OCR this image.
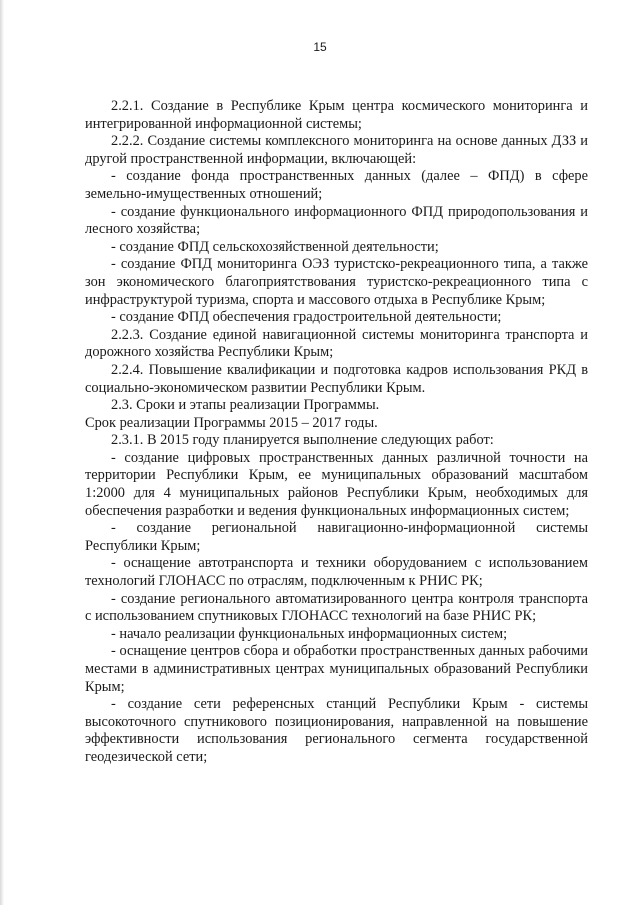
15

2.2.1. Создание в Республике Крым центра космического мониторинга и интегрированной информационной системы;

2.2.2. Создание системы комплексного мониторинга на основе данных ДЗЗ и другой пространственной информации, включающей:

- создание фонда пространственных данных (далее – ФПД) в сфере земельно-имущественных отношений;

- создание функционального информационного ФПД природопользования и лесного хозяйства;

- создание ФПД сельскохозяйственной деятельности;

- создание ФПД мониторинга ОЭЗ туристско-рекреационного типа, а также зон экономического благоприятствования туристско-рекреационного типа с инфраструктурой туризма, спорта и массового отдыха в Республике Крым;

- создание ФПД обеспечения градостроительной деятельности;

2.2.3. Создание единой навигационной системы мониторинга транспорта и дорожного хозяйства Республики Крым;

2.2.4. Повышение квалификации и подготовка кадров использования РКД в социально-экономическом развитии Республики Крым.

2.3. Сроки и этапы реализации Программы.

Срок реализации Программы 2015 – 2017 годы.

2.3.1. В 2015 году планируется выполнение следующих работ:

- создание цифровых пространственных данных различной точности на территории Республики Крым, ее муниципальных образований масштабом 1:2000 для 4 муниципальных районов Республики Крым, необходимых для обеспечения разработки и ведения функциональных информационных систем;

- создание региональной навигационно-информационной системы Республики Крым;

- оснащение автотранспорта и техники оборудованием с использованием технологий ГЛОНАСС по отраслям, подключенным к РНИС РК;

- создание регионального автоматизированного центра контроля транспорта с использованием спутниковых ГЛОНАСС технологий на базе РНИС РК;

- начало реализации функциональных информационных систем;

- оснащение центров сбора и обработки пространственных данных рабочими местами в административных центрах муниципальных образований Республики Крым;

- создание сети референсных станций Республики Крым - системы высокоточного спутникового позиционирования, направленной на повышение эффективности использования регионального сегмента государственной геодезической сети;
